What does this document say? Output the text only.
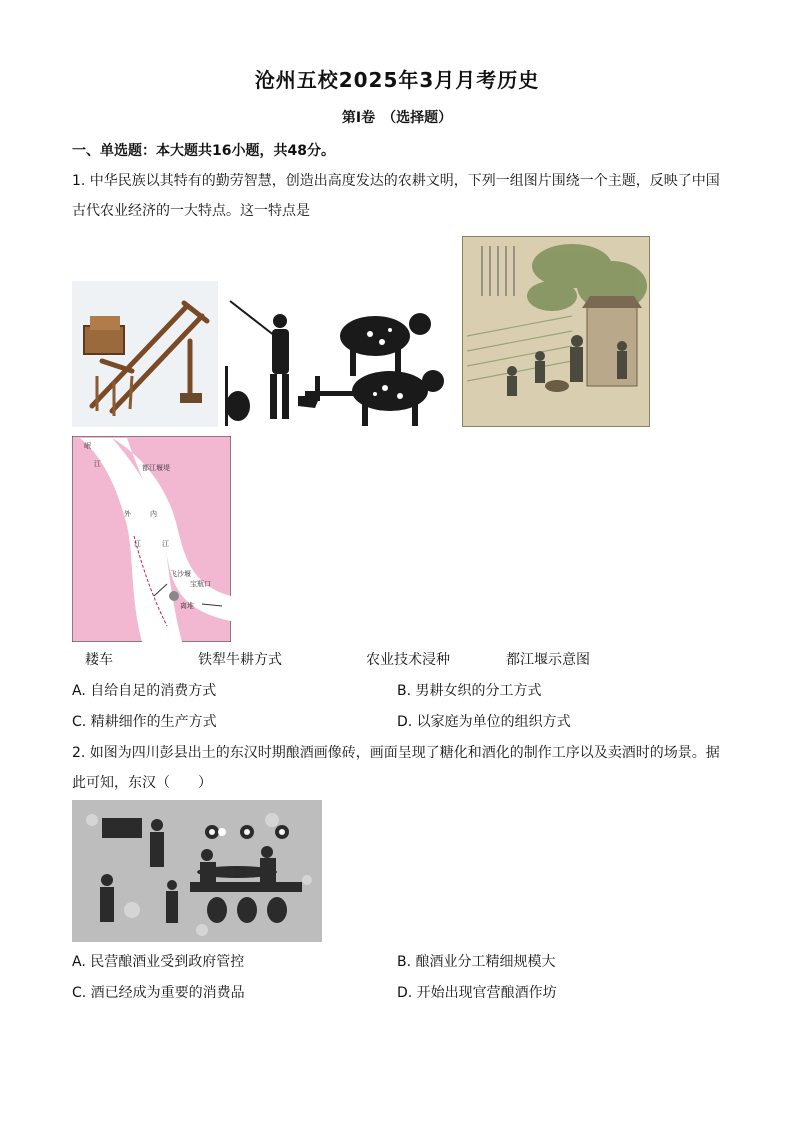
沧州五校2025年3月月考历史
第Ⅰ卷　（选择题）
一、单选题：本大题共16小题，共48分。
1. 中华民族以其特有的勤劳智慧，创造出高度发达的农耕文明，下列一组图片围绕一个主题，反映了中国
古代农业经济的一大特点。这一特点是
岷
江	都江堰堤
外	内
江	江
飞沙堰
宝瓶口
离堆
耧车	铁犁牛耕方式	农业技术浸种	都江堰示意图
A. 自给自足的消费方式	B. 男耕女织的分工方式
C. 精耕细作的生产方式	D. 以家庭为单位的组织方式
2. 如图为四川彭县出土的东汉时期酿酒画像砖，画面呈现了糖化和酒化的制作工序以及卖酒时的场景。据
此可知，东汉（　　）
A. 民营酿酒业受到政府管控	B. 酿酒业分工精细规模大
C. 酒已经成为重要的消费品	D. 开始出现官营酿酒作坊
